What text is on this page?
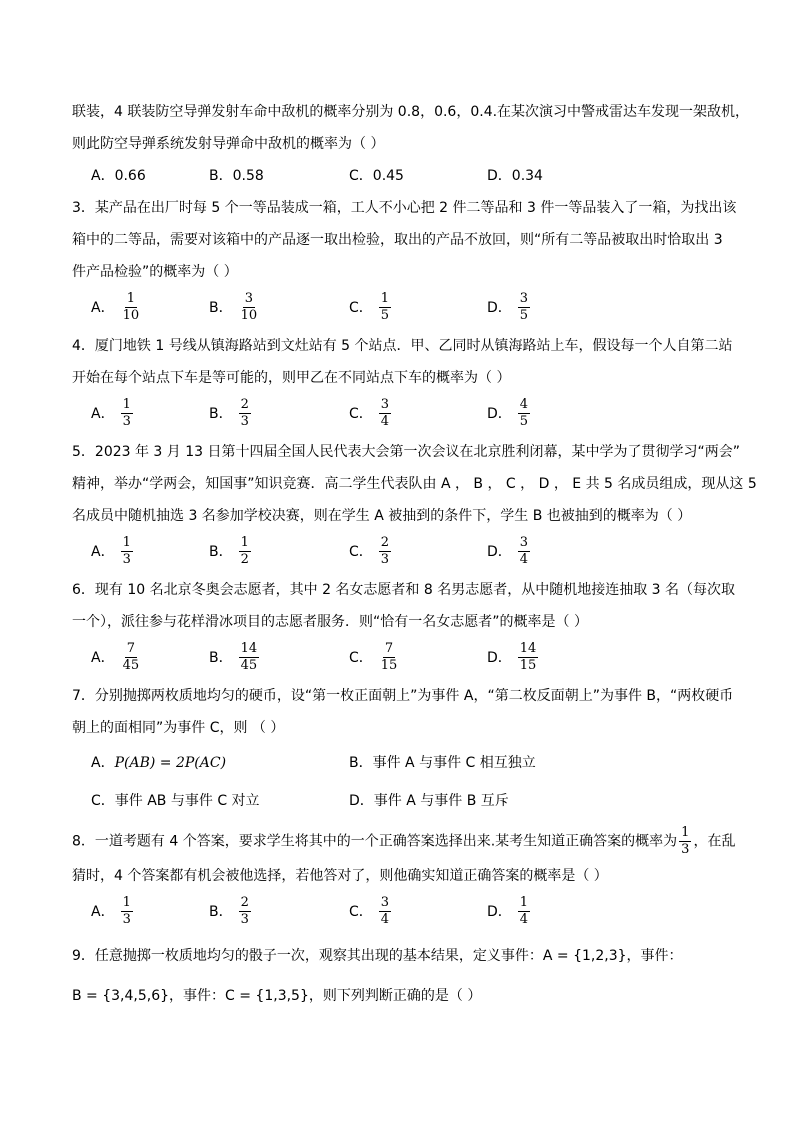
联装，4 联装防空导弹发射车命中敌机的概率分别为 0.8，0.6，0.4.在某次演习中警戒雷达车发现一架敌机，
则此防空导弹系统发射导弹命中敌机的概率为（ ）
A．0.66	B．0.58	C．0.45	D．0.34
3．某产品在出厂时每 5 个一等品装成一箱，工人不小心把 2 件二等品和 3 件一等品装入了一箱，为找出该
箱中的二等品，需要对该箱中的产品逐一取出检验，取出的产品不放回，则“所有二等品被取出时恰取出 3
件产品检验”的概率为（ ）
A． $\frac{1}{10}$	B． $\frac{3}{10}$	C． $\frac{1}{5}$	D． $\frac{3}{5}$
4．厦门地铁 1 号线从镇海路站到文灶站有 5 个站点．甲、乙同时从镇海路站上车，假设每一个人自第二站
开始在每个站点下车是等可能的，则甲乙在不同站点下车的概率为（ ）
A． $\frac{1}{3}$	B． $\frac{2}{3}$	C． $\frac{3}{4}$	D． $\frac{4}{5}$
5．2023 年 3 月 13 日第十四届全国人民代表大会第一次会议在北京胜利闭幕，某中学为了贯彻学习“两会”
精神，举办“学两会，知国事”知识竞赛．高二学生代表队由 A ， B ， C ， D ， E 共 5 名成员组成，现从这 5
名成员中随机抽选 3 名参加学校决赛，则在学生 A 被抽到的条件下，学生 B 也被抽到的概率为（ ）
A． $\frac{1}{3}$	B． $\frac{1}{2}$	C． $\frac{2}{3}$	D． $\frac{3}{4}$
6．现有 10 名北京冬奥会志愿者，其中 2 名女志愿者和 8 名男志愿者，从中随机地接连抽取 3 名（每次取
一个），派往参与花样滑冰项目的志愿者服务．则“恰有一名女志愿者”的概率是（ ）
A． $\frac{7}{45}$	B． $\frac{14}{45}$	C． $\frac{7}{15}$	D． $\frac{14}{15}$
7．分别抛掷两枚质地均匀的硬币，设“第一枚正面朝上”为事件 A，“第二枚反面朝上”为事件 B，“两枚硬币
朝上的面相同”为事件 C，则 （ ）
A．P(AB) = 2P(AC)	B．事件 A 与事件 C 相互独立
C．事件 AB 与事件 C 对立	D．事件 A 与事件 B 互斥
8．一道考题有 4 个答案，要求学生将其中的一个正确答案选择出来.某考生知道正确答案的概率为 $\frac{1}{3}$ ，在乱
猜时，4 个答案都有机会被他选择，若他答对了，则他确实知道正确答案的概率是（ ）
A． $\frac{1}{3}$	B． $\frac{2}{3}$	C． $\frac{3}{4}$	D． $\frac{1}{4}$
9．任意抛掷一枚质地均匀的骰子一次，观察其出现的基本结果，定义事件：A = {1,2,3}，事件：
B = {3,4,5,6}，事件：C = {1,3,5}，则下列判断正确的是（ ）
